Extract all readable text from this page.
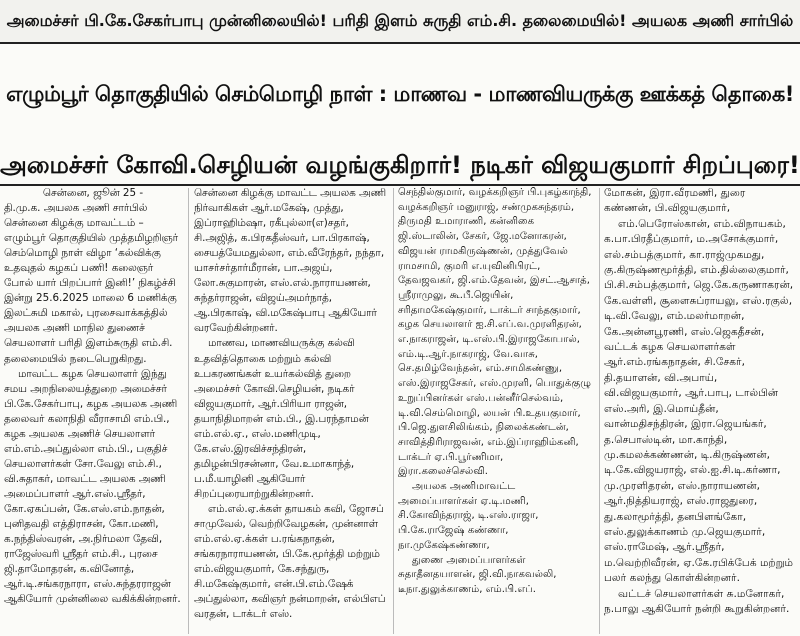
அமைச்சர் பி.கே.சேகர்பாபு முன்னிலையில்! பரிதி இளம் சுருதி எம்.சி. தலைமையில்! அயலக அணி சார்பில்
எழும்பூர் தொகுதியில் செம்மொழி நாள் : மாணவ - மாணவியருக்கு ஊக்கத் தொகை!
அமைச்சர் கோவி.செழியன் வழங்குகிறார்! நடிகர் விஜயகுமார் சிறப்புரை!

சென்னை, ஜூன் 25 -

தி.மு.க. அயலக அணி சார்பில் சென்னை கிழக்கு மாவட்டம் – எழும்பூர் தொகுதியில் முத்தமிழறிஞர் செம்மொழி நாள் விழா ‘கல்விக்கு உதவுதல் கழகப் பணி! கலைஞர் போல் யார் பிறப்பார் இனி!’ நிகழ்ச்சி இன்று 25.6.2025 மாலை 6 மணிக்கு இலட்சுமி மகால், புரசைவாக்கத்தில் அயலக அணி மாநில துணைச் செயலாளர் பரிதி இளம்சுருதி எம்.சி. தலைமையில் நடைபெறுகிறது.

மாவட்ட கழக செயலாளர் இந்து சமய அறநிலையத்துறை அமைச்சர் பி.கே.சேகர்பாபு, கழக அயலக அணி தலைவர் கலாநிதி வீராசாமி எம்.பி., கழக அயலக அணிச் செயலாளர் எம்.எம்.அப்துல்லா எம்.பி., பகுதிச் செயலாளர்கள் சோ.வேலு எம்.சி., வி.சுதாகர், மாவட்ட அயலக அணி அமைப்பாளர் ஆர்.எஸ்.ஸ்ரீதர், கோ.ஏகப்பன், கே.எஸ்.எம்.நாதன், புனிதவதி எத்திராசன், கோ.மணி, க.நந்திஸ்வரன், அ.நிர்மலா தேவி, ராஜேஸ்வரி ஸ்ரீதர் எம்.சி., புரசை ஜி.தாமோதரன், க.வினோத், ஆர்.டி.சங்கரநாரா, எஸ்.சுந்தரராஜன் ஆகியோர் முன்னிலை வகிக்கின்றனர்.

சென்னை கிழக்கு மாவட்ட அயலக அணி நிர்வாகிகள் ஆர்.மகேஷ், முத்து, இப்ராஹிம்ஷா, ரகீபுல்லா(எ)சதர், சி.அஜித், க.பிரகதீஸ்வர், பா.பிரகாஷ், சையத்யேமதுல்லா, எம்.வீரேந்தர், நந்தா, யாசர்சர்தார்மீரான், பா.அஜய், லோ.சுகுமாரன், எஸ்.எல்.நாராயணன், சுந்தர்ராஜன், விஜய்அமர்நாத், ஆ.பிரகாஷ், வி.மகேஷ்பாபு ஆகியோர் வரவேற்கின்றனர்.

மாணவ, மாணவியருக்கு கல்வி உதவித்தொகை மற்றும் கல்வி உபகரணங்கள் உயர்கல்வித் துறை அமைச்சர் கோவி.செழியன், நடிகர் விஜயகுமார், ஆர்.பிரியா ராஜன், தயாநிதிமாறன் எம்.பி., இ.பரந்தாமன் எம்.எல்.ஏ., எஸ்.மணிமுடி, கே.எஸ்.இரவிச்சந்திரன், தமிழன்பிரசன்னா, வே.உமாகாந்த், ப.மீ.யாழினி ஆகியோர் சிறப்புரையாற்றுகின்றனர்.

எம்.எல்.ஏ.க்கள் தாயகம் கவி, ஜோசப் சாமுவேல், வெற்றிவேழகன், முன்னாள் எம்.எல்.ஏ.க்கள் ப.ரங்கநாதன், சங்கரநாராயணன், பி.கே.மூர்த்தி மற்றும் எம்.விஜயகுமார், கே.சந்துரு, சி.மகேஷ்குமார், என்.பி.எம்.ஷேக் அப்துல்லா, கவிஞர் நன்மாறன், எல்பிஎப் வரதன், டாக்டர் எஸ்.

செந்தில்குமார், வழக்கறிஞர் பி.புகழ்காந்தி, வழக்கறிஞர் மனுராஜ், சண்முகசுந்தரம், திருமதி உமாராணி, கன்னிகை ஜி.ஸ்டாலின், சேகர், ஜே.மனோகரன், விஜயன் ராமகிருஷ்ணன், முத்துவேல் ராமசாமி, குமரி எ.யுவினிபிரட், தேவஜவகர், ஜி.எம்.தேவன், இசட்.ஆசாத், ஸ்ரீராமுலு, கூ.பீ.ஜெயின், சரிதாமகேஷ்குமார், டாக்டர் சாந்தகுமார், கழக செயலாளர் ஐ.சி.எப்.வ.முரளிதரன், எ.நாகராஜன், டி.எஸ்.பி.இராஜகோபால், எம்.டி.ஆர்.நாகராஜ், வே.வாசு, செ.தமிழ்வேந்தன், எம்.சாமிகண்ணு, எஸ்.இராஜசேகர், எஸ்.முரளி, பொதுக்குழு உறுப்பினர்கள் எஸ்.பன்னீர்செல்வம், டி.வி.செம்மொழி, லயன் பி.உதயகுமார், பி.ஜெ.துளசிலிங்கம், நிலைக்கண்டன், சாவித்திரிராஜவன், எம்.இப்ராஹிம்கனி, டாக்டர் ஏ.பி.பூர்ணிமா, இரா.கலைச்செல்வி.

அயலக அணிமாவட்ட அமைப்பாளர்கள் ஏ.டி.மணி, சி.கோவிந்தராஜ், டி.எஸ்.ராஜா, பி.கே.ராஜேஷ் கண்ணா, நா.முகேஷ்கண்ணா,

துணை அமைப்பாளர்கள் சுதாதீனதயாளன், ஜி.வி.நாகவல்லி, டீநா.துலுக்காணம், எம்.பி.எப்.

மோகன், இரா.வீரமணி, துரை கண்ணன், பி.விஜயகுமார்,

எம்.பெரோஸ்கான், எம்.விநாயகம், க.பா.பிரதீப்குமார், ம.அசோக்குமார், எல்.சம்பத்குமார், கா.ராஜ்முகமது, கு.கிருஷ்ணமூர்த்தி, எம்.தில்லைகுமார், பி.சி.சம்பத்குமார், ஜெ.கே.கருணாகரன், கே.வள்ளி, சூளைசுப்ராயலு, எஸ்.ரகுல், டி.வி.வேலு, எம்.மலர்மாறன், கே.அன்னபூரணி, எஸ்.ஜெகதீசன், வட்டக் கழக செயலாளர்கள் ஆர்.எம்.ரங்கநாதன், சி.சேகர், தி.தயாளன், வி.அபாய், வி.விஜயகுமார், ஆர்.பாபு, டால்பின் எஸ்.அரி, இ.மொய்தீன், வான்மதிசந்திரன், இரா.ஜெயங்கர், த.செபாஸ்டின், மா.காந்தி, மு.கமலக்கண்ணன், டி.கிருஷ்ணன், டி.கே.விஜயராஜ், எல்.ஐ.சி.டி.கர்ணா, மு.முரளிதரன், எஸ்.நாராயணன், ஆர்.நித்தியராஜ், எஸ்.ராஜதுரை, து.கலாமூர்த்தி, தனபிளங்கோ, எஸ்.துலுக்காணம் மு.ஜெயகுமார், எஸ்.ராமேஷ், ஆர்.ஸ்ரீதர், ம.வெற்றிவீரன், ஏ.கே.ரபிக்பேக் மற்றும் பலர் கலந்து கொள்கின்றனர்.

வட்டச் செயலாளர்கள் சு.மனோகர், ந.பாலு ஆகியோர் நன்றி கூறுகின்றனர்.
